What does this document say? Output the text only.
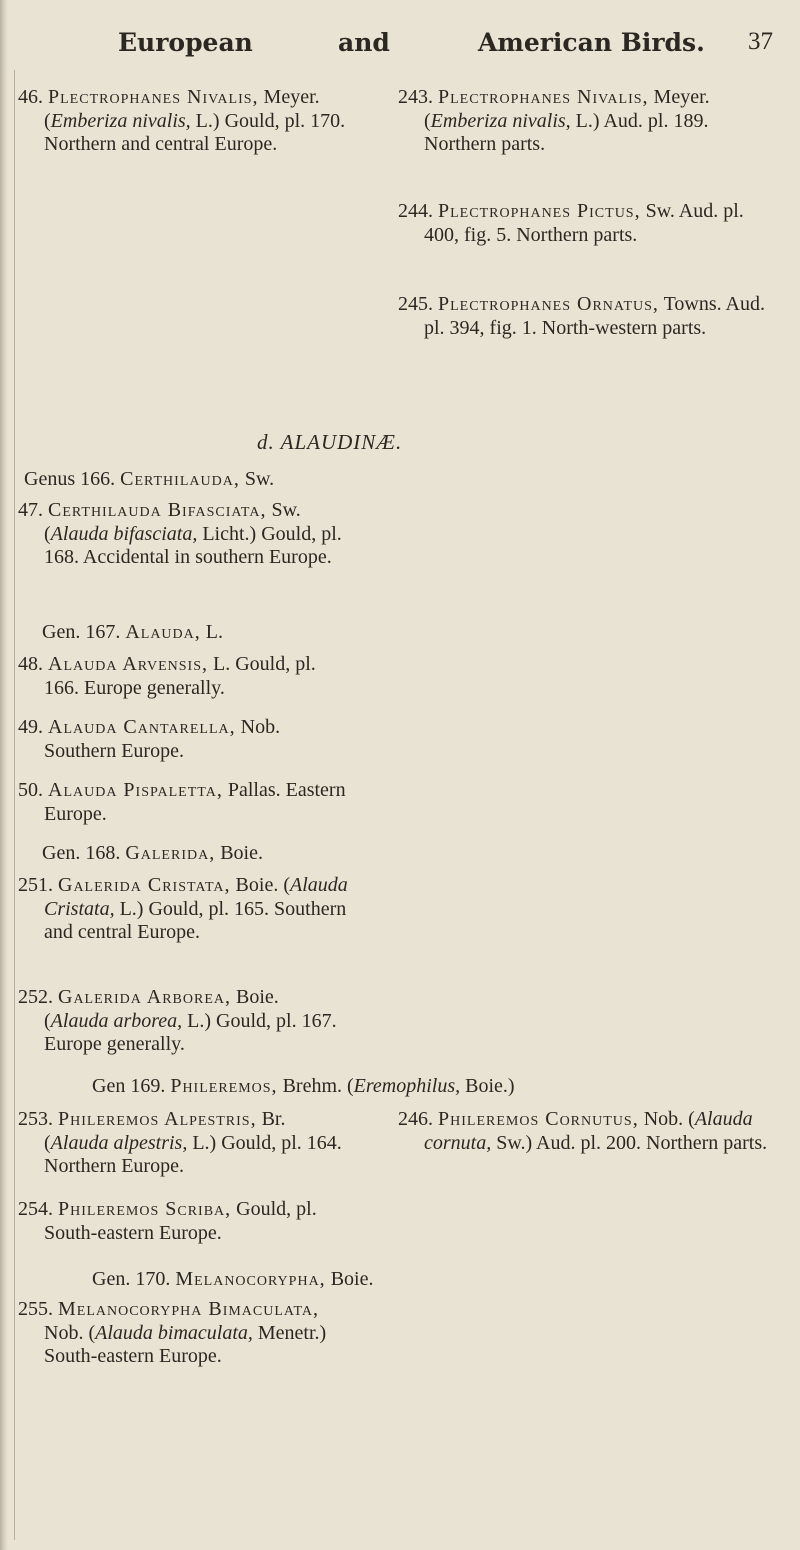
European	and	American Birds. 37
46. Plectrophanes Nivalis, Meyer. (Emberiza nivalis, L.) Gould, pl. 170. Northern and central Europe.
243. Plectrophanes Nivalis, Meyer. (Emberiza nivalis, L.) Aud. pl. 189. Northern parts.
244. Plectrophanes Pictus, Sw. Aud. pl. 400, fig. 5. Northern parts.
245. Plectrophanes Ornatus, Towns. Aud. pl. 394, fig. 1. North-western parts.
d. ALAUDINÆ.
Genus 166. Certhilauda, Sw.
47. Certhilauda Bifasciata, Sw. (Alauda bifasciata, Licht.) Gould, pl. 168. Accidental in southern Europe.
Gen. 167. Alauda, L.
48. Alauda Arvensis, L. Gould, pl. 166. Europe generally.
49. Alauda Cantarella, Nob. Southern Europe.
50. Alauda Pispaletta, Pallas. Eastern Europe.
Gen. 168. Galerida, Boie.
251. Galerida Cristata, Boie. (Alauda Cristata, L.) Gould, pl. 165. Southern and central Europe.
252. Galerida Arborea, Boie. (Alauda arborea, L.) Gould, pl. 167. Europe generally.
Gen 169. Phileremos, Brehm. (Eremophilus, Boie.)
253. Phileremos Alpestris, Br. (Alauda alpestris, L.) Gould, pl. 164. Northern Europe.
246. Phileremos Cornutus, Nob. (Alauda cornuta, Sw.) Aud. pl. 200. Northern parts.
254. Phileremos Scriba, Gould, pl. South-eastern Europe.
Gen. 170. Melanocorypha, Boie.
255. Melanocorypha Bimaculata, Nob. (Alauda bimaculata, Menetr.) South-eastern Europe.
